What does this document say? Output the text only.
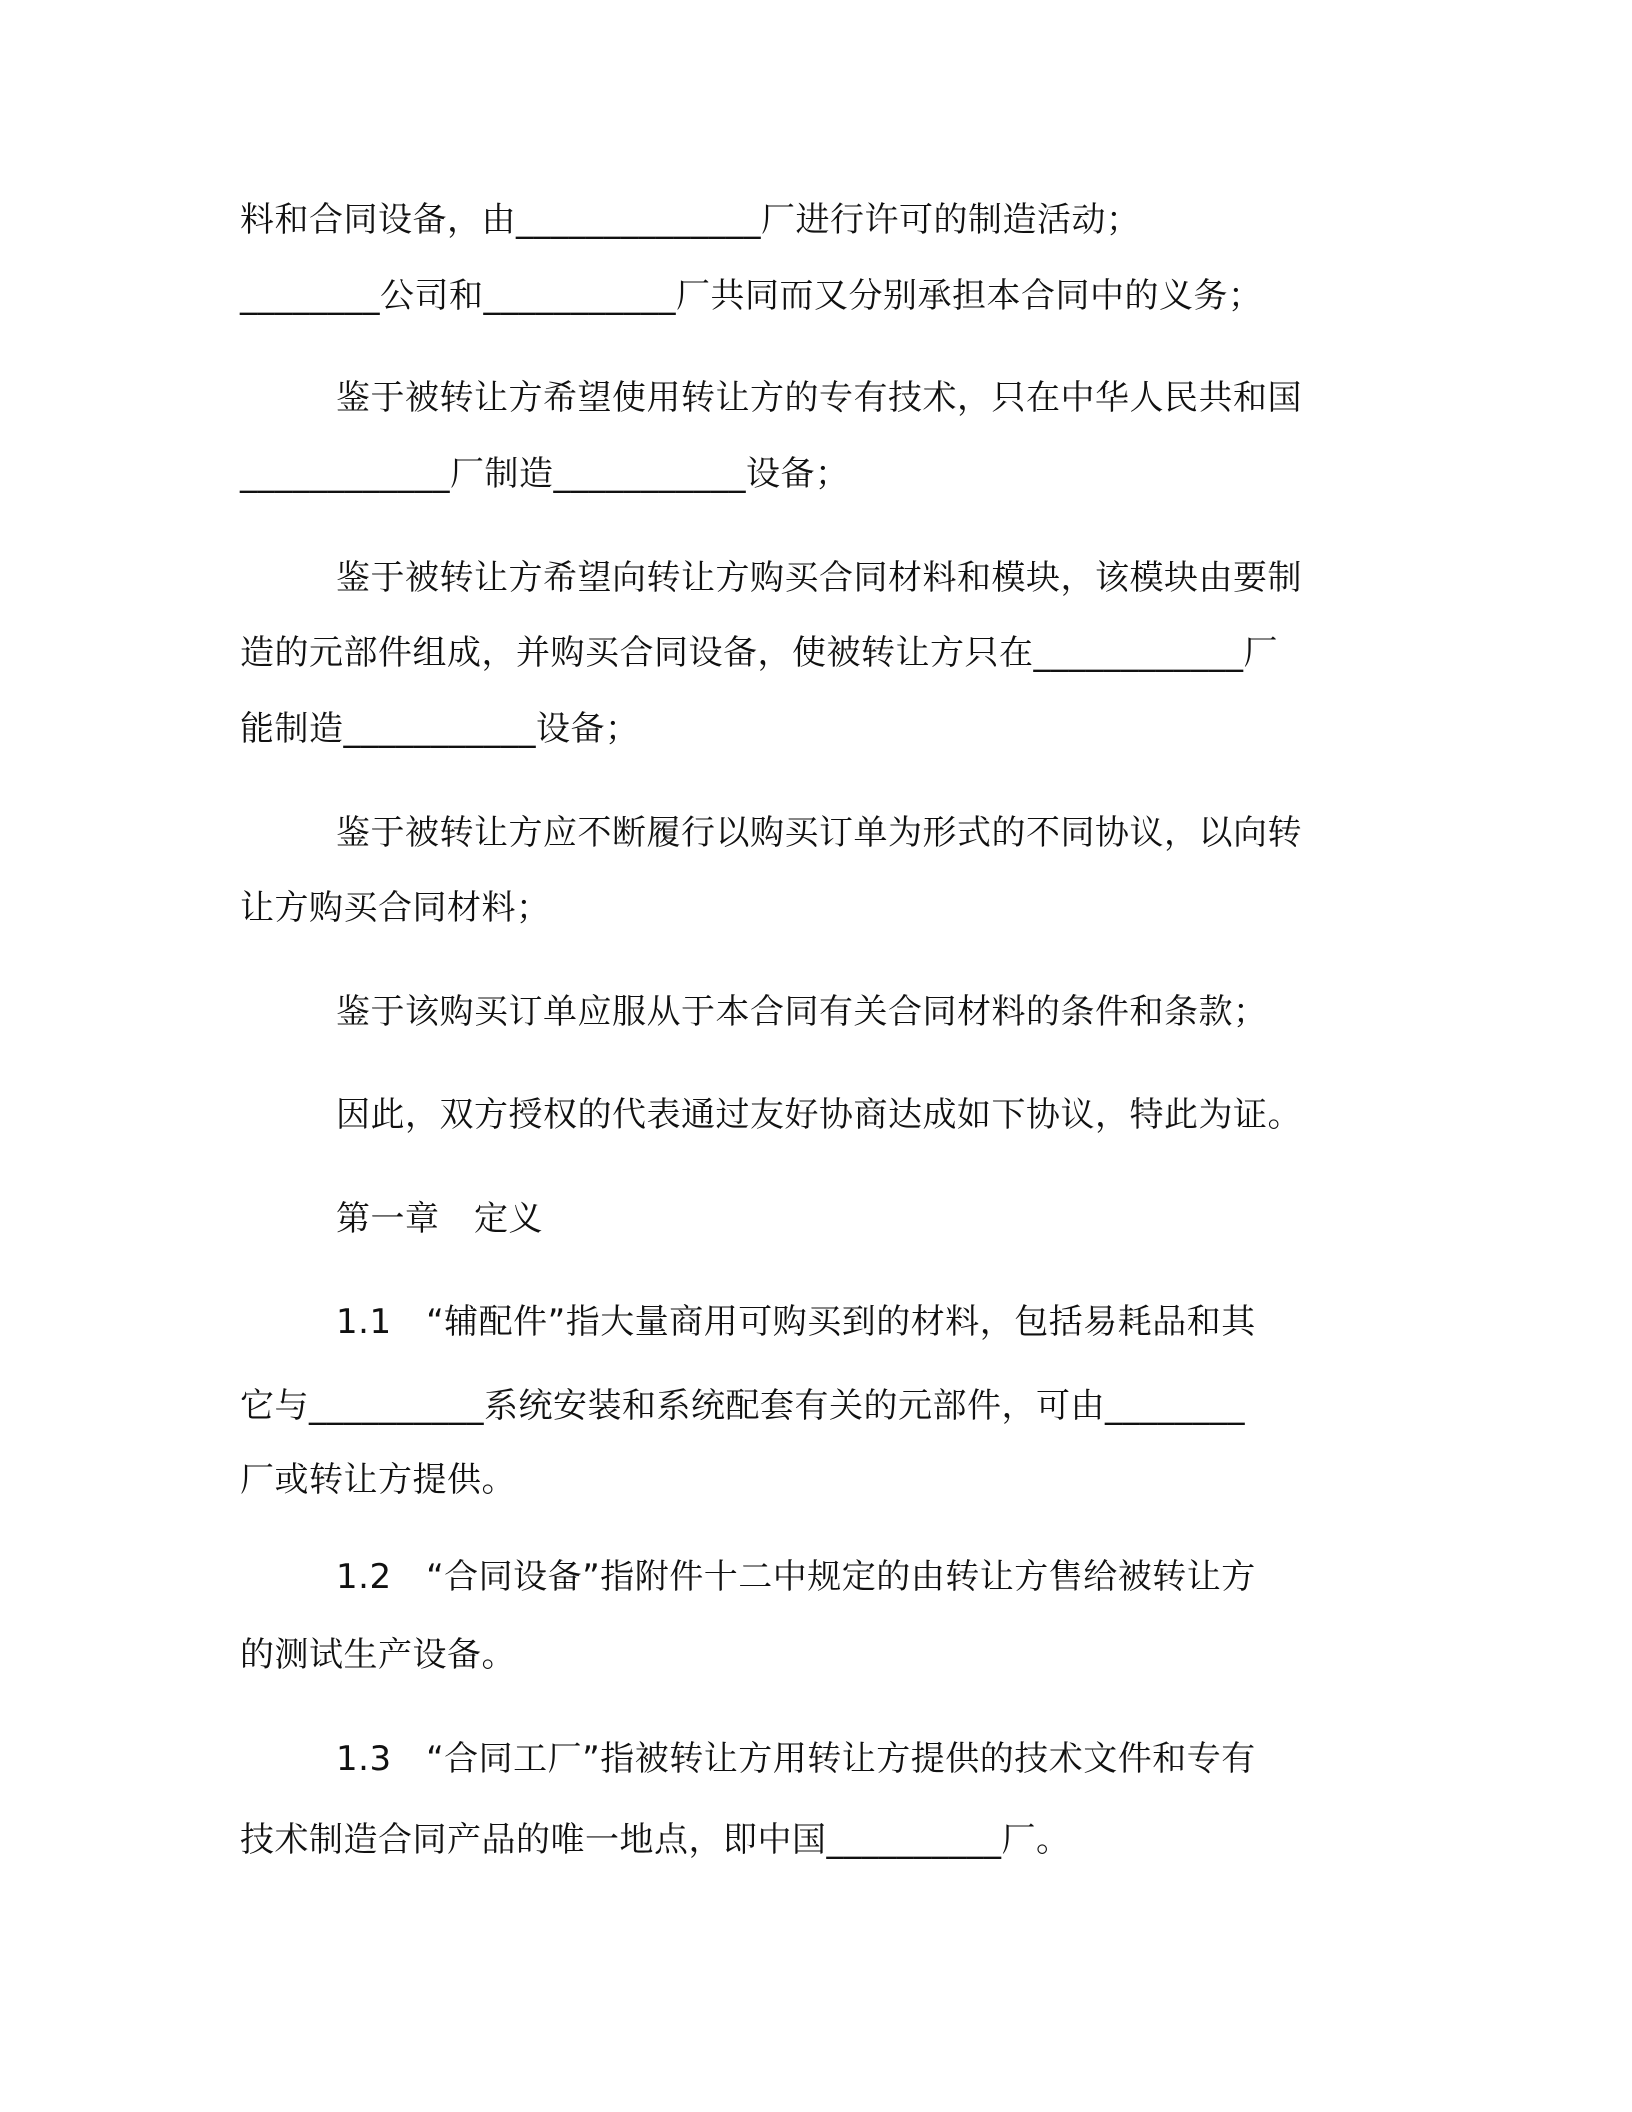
料和合同设备，由______________厂进行许可的制造活动；
________公司和___________厂共同而又分别承担本合同中的义务；
鉴于被转让方希望使用转让方的专有技术，只在中华人民共和国
____________厂制造___________设备；
鉴于被转让方希望向转让方购买合同材料和模块，该模块由要制
造的元部件组成，并购买合同设备，使被转让方只在____________厂
能制造___________设备；
鉴于被转让方应不断履行以购买订单为形式的不同协议，以向转
让方购买合同材料；
鉴于该购买订单应服从于本合同有关合同材料的条件和条款；
因此，双方授权的代表通过友好协商达成如下协议，特此为证。
第一章　定义
1.1　“辅配件”指大量商用可购买到的材料，包括易耗品和其
它与__________系统安装和系统配套有关的元部件，可由________
厂或转让方提供。
1.2　“合同设备”指附件十二中规定的由转让方售给被转让方
的测试生产设备。
1.3　“合同工厂”指被转让方用转让方提供的技术文件和专有
技术制造合同产品的唯一地点，即中国__________厂。
